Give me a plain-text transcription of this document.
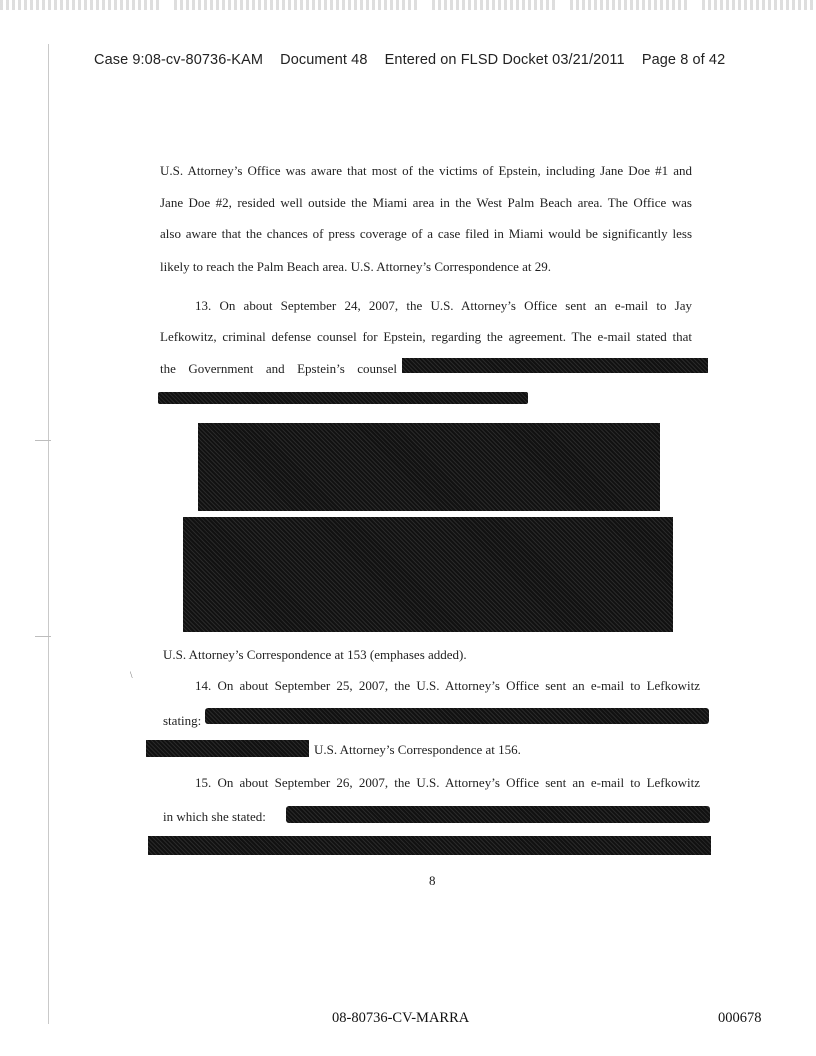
Case 9:08-cv-80736-KAM Document 48 Entered on FLSD Docket 03/21/2011 Page 8 of 42
U.S. Attorney’s Office was aware that most of the victims of Epstein, including Jane Doe #1 and
Jane Doe #2, resided well outside the Miami area in the West Palm Beach area. The Office was
also aware that the chances of press coverage of a case filed in Miami would be significantly less
likely to reach the Palm Beach area. U.S. Attorney’s Correspondence at 29.
13. On about September 24, 2007, the U.S. Attorney’s Office sent an e-mail to Jay
Lefkowitz, criminal defense counsel for Epstein, regarding the agreement. The e-mail stated that
the Government and Epstein’s counsel
U.S. Attorney’s Correspondence at 153 (emphases added).
\
14. On about September 25, 2007, the U.S. Attorney’s Office sent an e-mail to Lefkowitz
stating:
U.S. Attorney’s Correspondence at 156.
15. On about September 26, 2007, the U.S. Attorney’s Office sent an e-mail to Lefkowitz
in which she stated:
8
08-80736-CV-MARRA	000678
